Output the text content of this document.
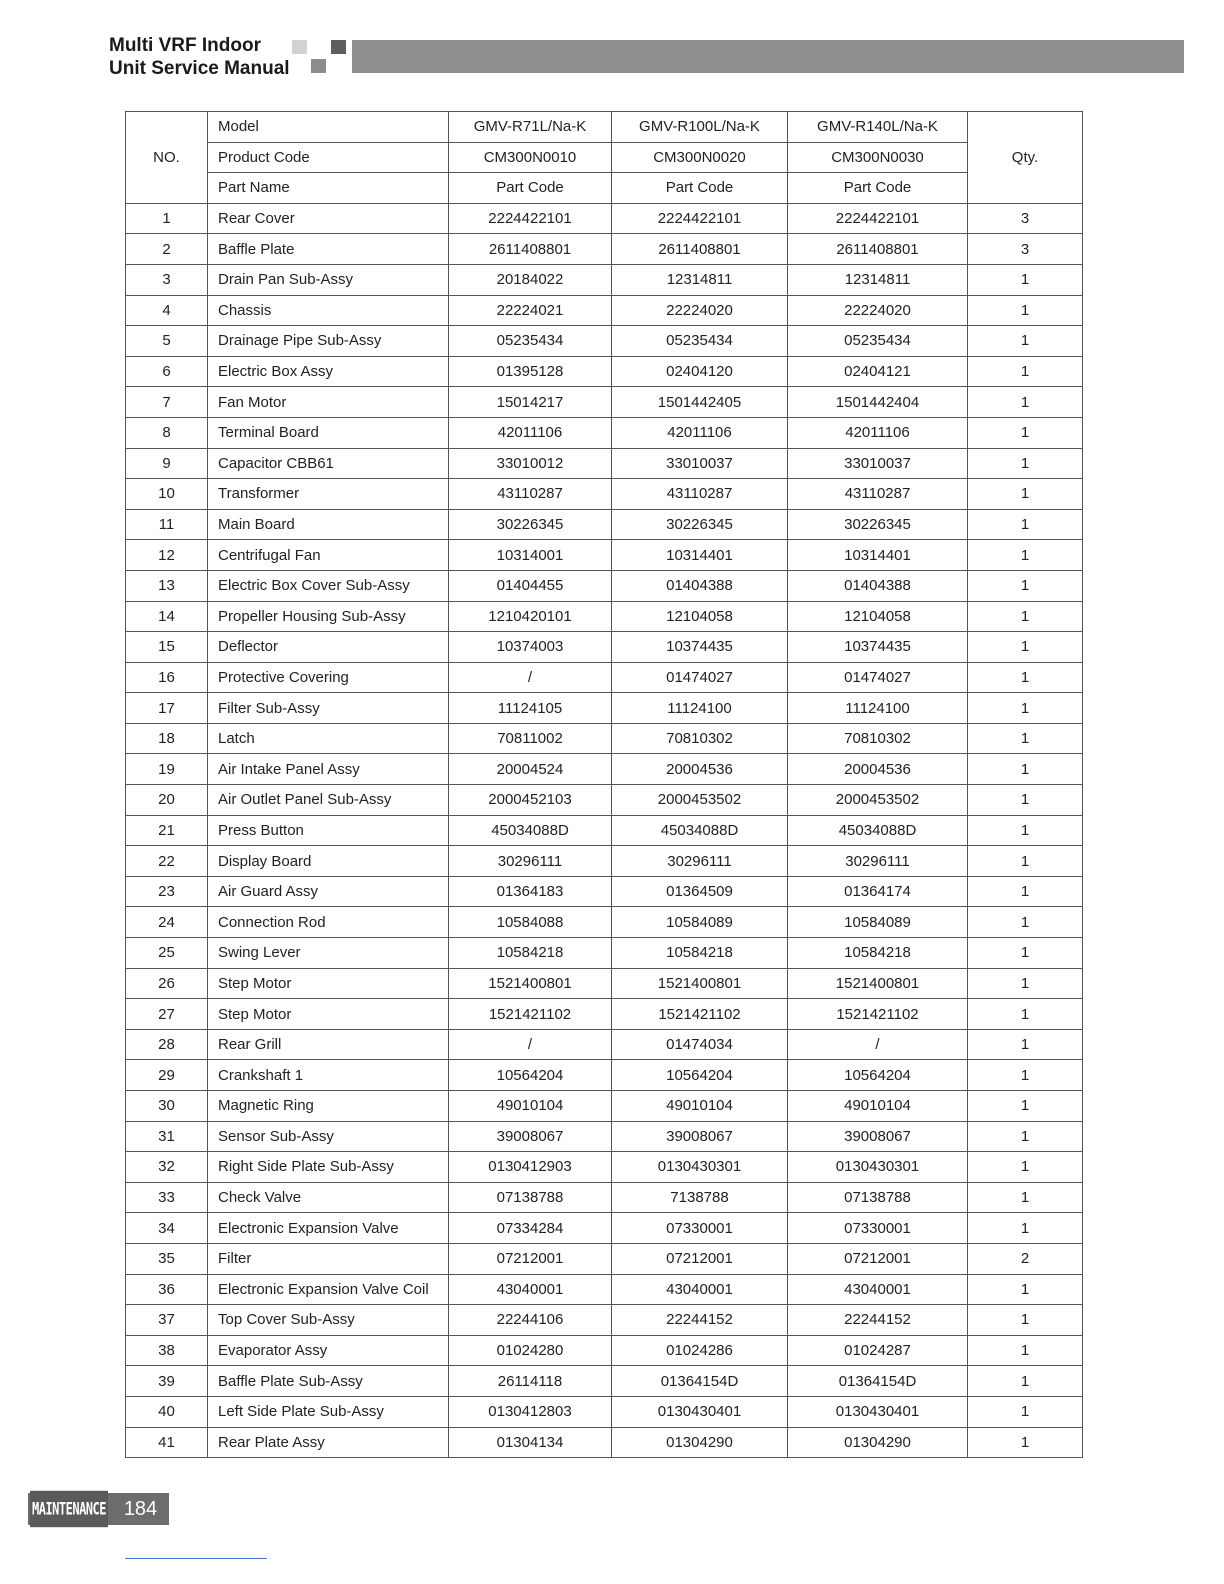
Multi VRF Indoor
Unit Service Manual
NO.	Model	GMV-R71L/Na-K	GMV-R100L/Na-K	GMV-R140L/Na-K	Qty.
	Product Code	CM300N0010	CM300N0020	CM300N0030	
	Part Name	Part Code	Part Code	Part Code	
1	Rear Cover	2224422101	2224422101	2224422101	3
2	Baffle Plate	2611408801	2611408801	2611408801	3
3	Drain Pan Sub-Assy	20184022	12314811	12314811	1
4	Chassis	22224021	22224020	22224020	1
5	Drainage Pipe Sub-Assy	05235434	05235434	05235434	1
6	Electric Box Assy	01395128	02404120	02404121	1
7	Fan Motor	15014217	1501442405	1501442404	1
8	Terminal Board	42011106	42011106	42011106	1
9	Capacitor CBB61	33010012	33010037	33010037	1
10	Transformer	43110287	43110287	43110287	1
11	Main Board	30226345	30226345	30226345	1
12	Centrifugal Fan	10314001	10314401	10314401	1
13	Electric Box Cover Sub-Assy	01404455	01404388	01404388	1
14	Propeller Housing Sub-Assy	1210420101	12104058	12104058	1
15	Deflector	10374003	10374435	10374435	1
16	Protective Covering	/	01474027	01474027	1
17	Filter Sub-Assy	11124105	11124100	11124100	1
18	Latch	70811002	70810302	70810302	1
19	Air Intake Panel Assy	20004524	20004536	20004536	1
20	Air Outlet Panel Sub-Assy	2000452103	2000453502	2000453502	1
21	Press Button	45034088D	45034088D	45034088D	1
22	Display Board	30296111	30296111	30296111	1
23	Air Guard Assy	01364183	01364509	01364174	1
24	Connection Rod	10584088	10584089	10584089	1
25	Swing Lever	10584218	10584218	10584218	1
26	Step Motor	1521400801	1521400801	1521400801	1
27	Step Motor	1521421102	1521421102	1521421102	1
28	Rear Grill	/	01474034	/	1
29	Crankshaft 1	10564204	10564204	10564204	1
30	Magnetic Ring	49010104	49010104	49010104	1
31	Sensor Sub-Assy	39008067	39008067	39008067	1
32	Right Side Plate Sub-Assy	0130412903	0130430301	0130430301	1
33	Check Valve	07138788	7138788	07138788	1
34	Electronic Expansion Valve	07334284	07330001	07330001	1
35	Filter	07212001	07212001	07212001	2
36	Electronic Expansion Valve Coil	43040001	43040001	43040001	1
37	Top Cover Sub-Assy	22244106	22244152	22244152	1
38	Evaporator Assy	01024280	01024286	01024287	1
39	Baffle Plate Sub-Assy	26114118	01364154D	01364154D	1
40	Left Side Plate Sub-Assy	0130412803	0130430401	0130430401	1
41	Rear Plate Assy	01304134	01304290	01304290	1
MAINTENANCE 184
